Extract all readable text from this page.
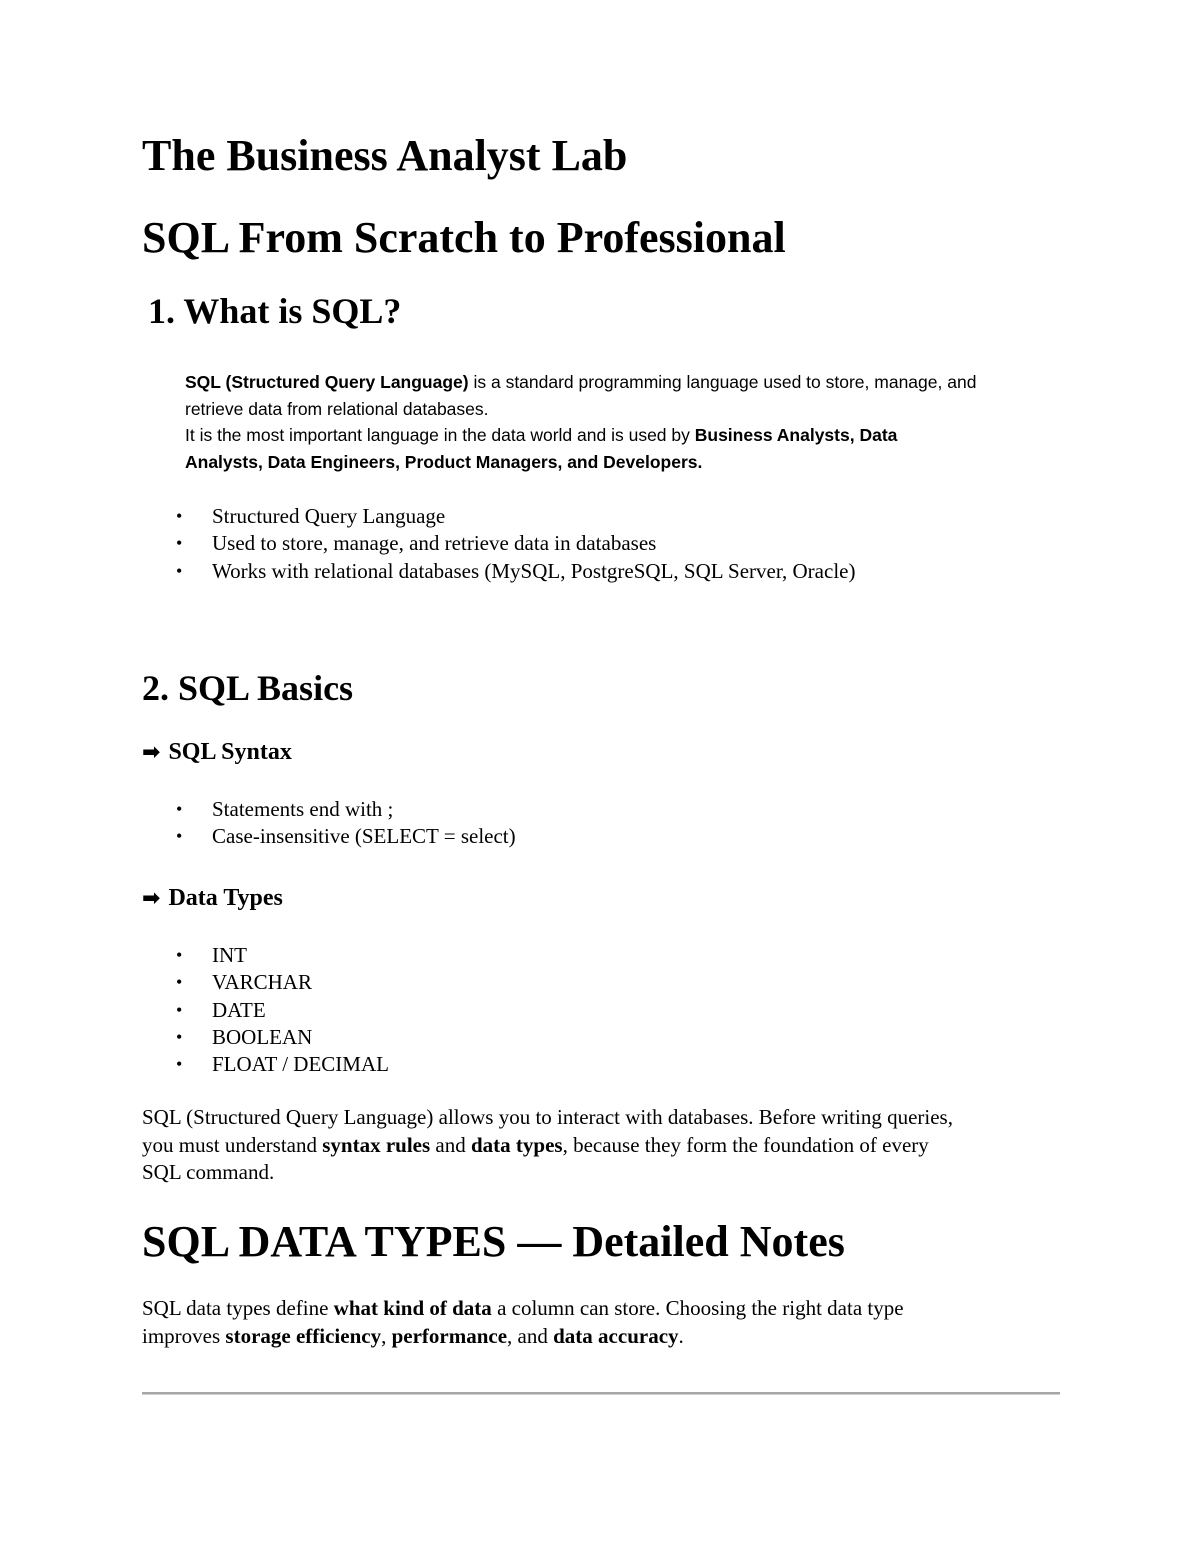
The Business Analyst Lab
SQL From Scratch to Professional
1. What is SQL?
SQL (Structured Query Language) is a standard programming language used to store, manage, and
retrieve data from relational databases.
It is the most important language in the data world and is used by Business Analysts, Data
Analysts, Data Engineers, Product Managers, and Developers.
• Structured Query Language
• Used to store, manage, and retrieve data in databases
• Works with relational databases (MySQL, PostgreSQL, SQL Server, Oracle)
2. SQL Basics
➡ SQL Syntax
• Statements end with ;
• Case-insensitive (SELECT = select)
➡ Data Types
• INT
• VARCHAR
• DATE
• BOOLEAN
• FLOAT / DECIMAL
SQL (Structured Query Language) allows you to interact with databases. Before writing queries,
you must understand syntax rules and data types, because they form the foundation of every
SQL command.
SQL DATA TYPES — Detailed Notes
SQL data types define what kind of data a column can store. Choosing the right data type
improves storage efficiency, performance, and data accuracy.
